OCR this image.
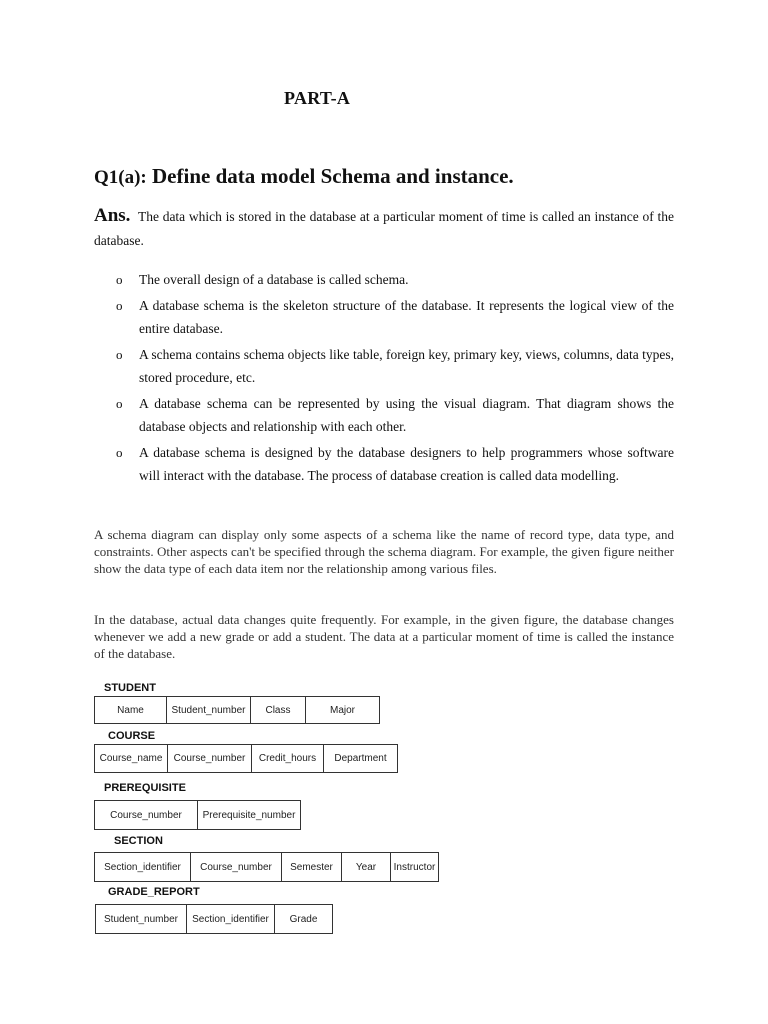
PART-A
Q1(a): Define data model Schema and instance.
Ans. The data which is stored in the database at a particular moment of time is called an instance of the database.
o The overall design of a database is called schema.
o A database schema is the skeleton structure of the database. It represents the logical view of the entire database.
o A schema contains schema objects like table, foreign key, primary key, views, columns, data types, stored procedure, etc.
o A database schema can be represented by using the visual diagram. That diagram shows the database objects and relationship with each other.
o A database schema is designed by the database designers to help programmers whose software will interact with the database. The process of database creation is called data modelling.
A schema diagram can display only some aspects of a schema like the name of record type, data type, and constraints. Other aspects can't be specified through the schema diagram. For example, the given figure neither show the data type of each data item nor the relationship among various files.
In the database, actual data changes quite frequently. For example, in the given figure, the database changes whenever we add a new grade or add a student. The data at a particular moment of time is called the instance of the database.
STUDENT
Name	Student_number	Class	Major
COURSE
Course_name	Course_number	Credit_hours	Department
PREREQUISITE
Course_number	Prerequisite_number
SECTION
Section_identifier	Course_number	Semester	Year	Instructor
GRADE_REPORT
Student_number	Section_identifier	Grade
